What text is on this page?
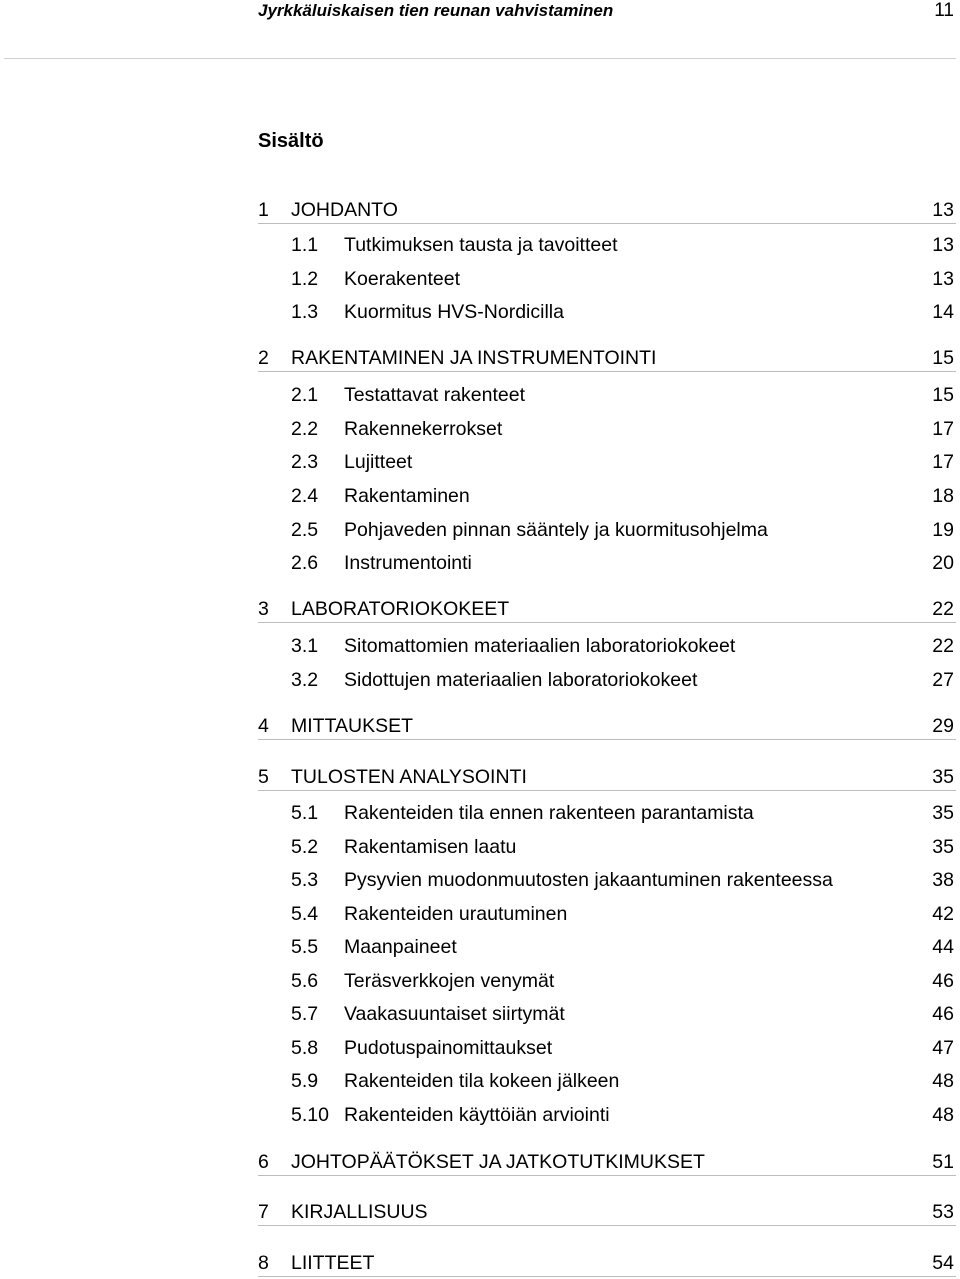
Jyrkkäluiskaisen tien reunan vahvistaminen	11
Sisältö
1 JOHDANTO	13
1.1 Tutkimuksen tausta ja tavoitteet	13
1.2 Koerakenteet	13
1.3 Kuormitus HVS-Nordicilla	14
2 RAKENTAMINEN JA INSTRUMENTOINTI	15
2.1 Testattavat rakenteet	15
2.2 Rakennekerrokset	17
2.3 Lujitteet	17
2.4 Rakentaminen	18
2.5 Pohjaveden pinnan sääntely ja kuormitusohjelma	19
2.6 Instrumentointi	20
3 LABORATORIOKOKEET	22
3.1 Sitomattomien materiaalien laboratoriokokeet	22
3.2 Sidottujen materiaalien laboratoriokokeet	27
4 MITTAUKSET	29
5 TULOSTEN ANALYSOINTI	35
5.1 Rakenteiden tila ennen rakenteen parantamista	35
5.2 Rakentamisen laatu	35
5.3 Pysyvien muodonmuutosten jakaantuminen rakenteessa	38
5.4 Rakenteiden urautuminen	42
5.5 Maanpaineet	44
5.6 Teräsverkkojen venymät	46
5.7 Vaakasuuntaiset siirtymät	46
5.8 Pudotuspainomittaukset	47
5.9 Rakenteiden tila kokeen jälkeen	48
5.10 Rakenteiden käyttöiän arviointi	48
6 JOHTOPÄÄTÖKSET JA JATKOTUTKIMUKSET	51
7 KIRJALLISUUS	53
8 LIITTEET	54
